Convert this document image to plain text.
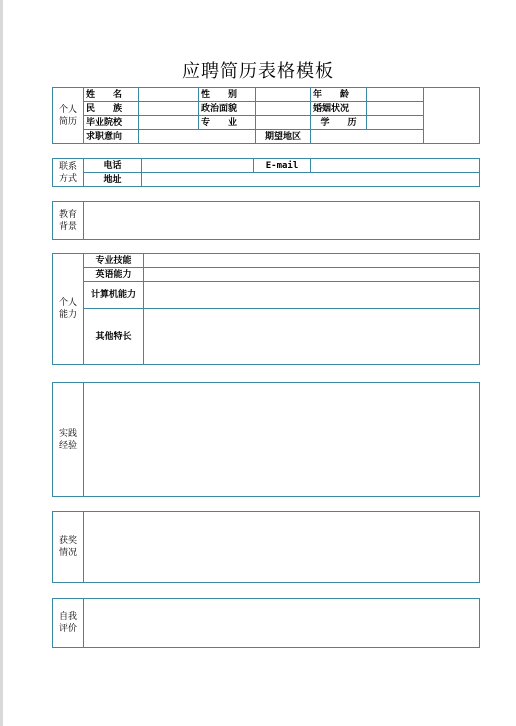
应聘简历表格模板
个人
简历	姓　　名		性　　别		年　　龄		
	民　　族		政治面貌		婚姻状况		
	毕业院校		专　　业		学　　历		
	求职意向			期望地区			
联系
方式	电话		E-mail	
	地址			
教育
背景	
个人
能力	专业技能	
	英语能力	
	计算机能力	
	其他特长	
实践
经验	
获奖
情况	
自我
评价	
